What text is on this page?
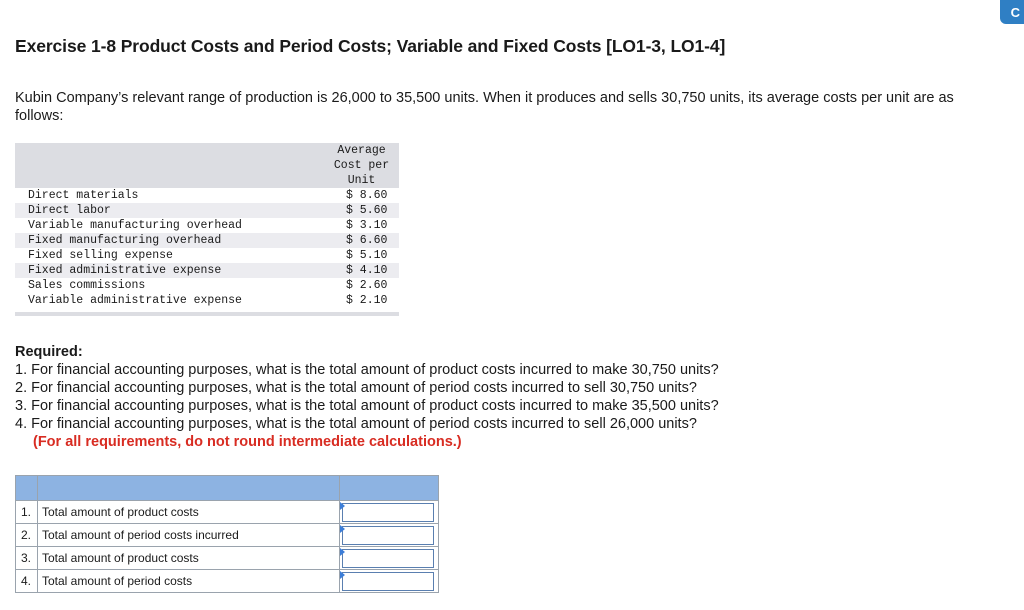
C
Exercise 1-8 Product Costs and Period Costs; Variable and Fixed Costs [LO1-3, LO1-4]
Kubin Company’s relevant range of production is 26,000 to 35,500 units. When it produces and sells 30,750 units, its average costs per unit are as follows:

	Average
Cost per
Unit

Direct materials	$ 8.60
Direct labor	$ 5.60
Variable manufacturing overhead	$ 3.10
Fixed manufacturing overhead	$ 6.60
Fixed selling expense	$ 5.10
Fixed administrative expense	$ 4.10
Sales commissions	$ 2.60
Variable administrative expense	$ 2.10
Required:
1. For financial accounting purposes, what is the total amount of product costs incurred to make 30,750 units?
2. For financial accounting purposes, what is the total amount of period costs incurred to sell 30,750 units?
3. For financial accounting purposes, what is the total amount of product costs incurred to make 35,500 units?
4. For financial accounting purposes, what is the total amount of period costs incurred to sell 26,000 units?
(For all requirements, do not round intermediate calculations.)

1.	Total amount of product costs	

2.	Total amount of period costs incurred	

3.	Total amount of product costs	

4.	Total amount of period costs	
